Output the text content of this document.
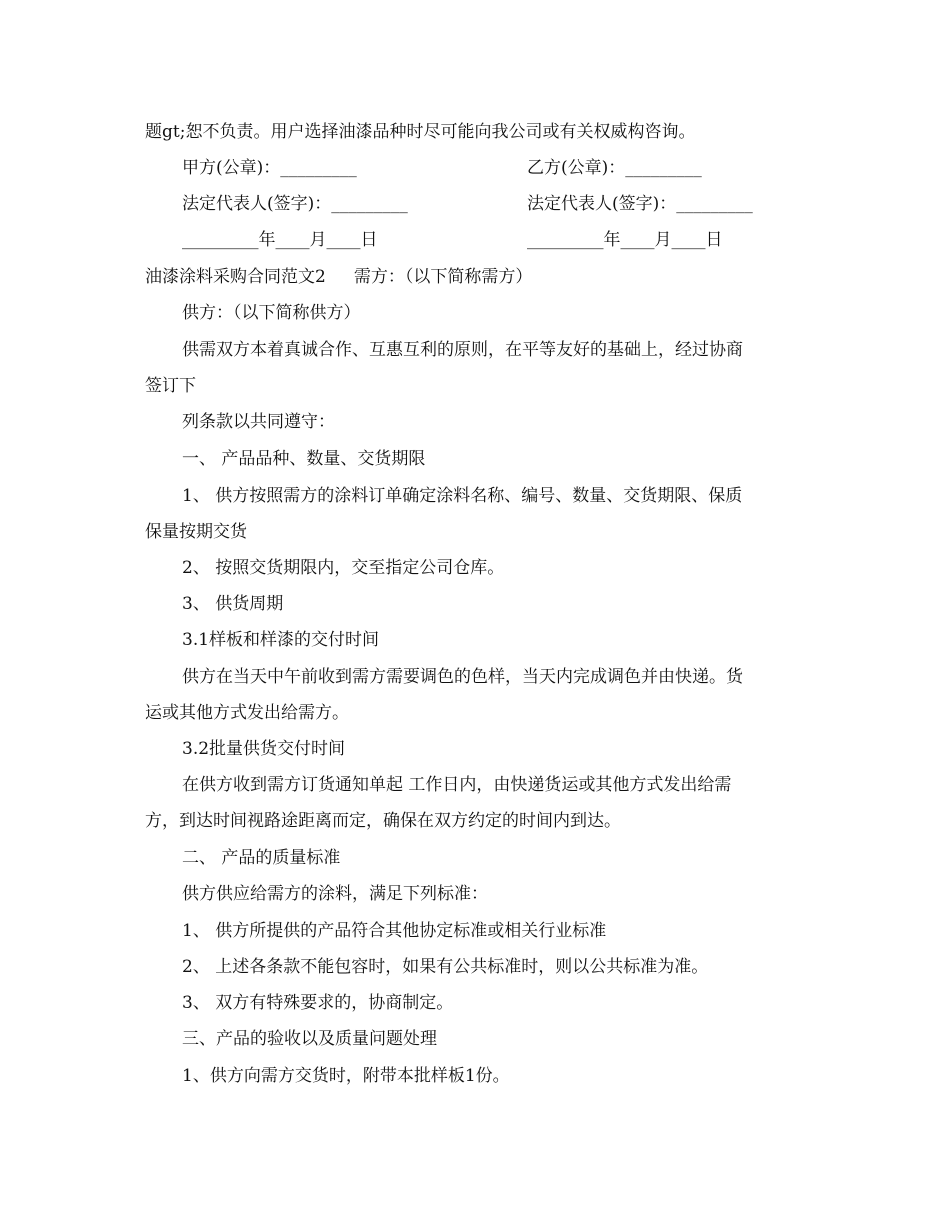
题gt;恕不负责。用户选择油漆品种时尽可能向我公司或有关权威构咨询。
甲方(公章)：_________	乙方(公章)：_________
法定代表人(签字)：_________	法定代表人(签字)：_________
_________年____月____日	_________年____月____日
油漆涂料采购合同范文2 需方：（以下简称需方）
供方：（以下简称供方）
供需双方本着真诚合作、互惠互利的原则，在平等友好的基础上，经过协商
签订下
列条款以共同遵守：
一、 产品品种、数量、交货期限
1、 供方按照需方的涂料订单确定涂料名称、编号、数量、交货期限、保质
保量按期交货
2、 按照交货期限内，交至指定公司仓库。
3、 供货周期
3.1样板和样漆的交付时间
供方在当天中午前收到需方需要调色的色样，当天内完成调色并由快递。货
运或其他方式发出给需方。
3.2批量供货交付时间
在供方收到需方订货通知单起 工作日内，由快递货运或其他方式发出给需
方，到达时间视路途距离而定，确保在双方约定的时间内到达。
二、 产品的质量标准
供方供应给需方的涂料，满足下列标准：
1、 供方所提供的产品符合其他协定标准或相关行业标准
2、 上述各条款不能包容时，如果有公共标准时，则以公共标准为准。
3、 双方有特殊要求的，协商制定。
三、产品的验收以及质量问题处理
1、供方向需方交货时，附带本批样板1份。
